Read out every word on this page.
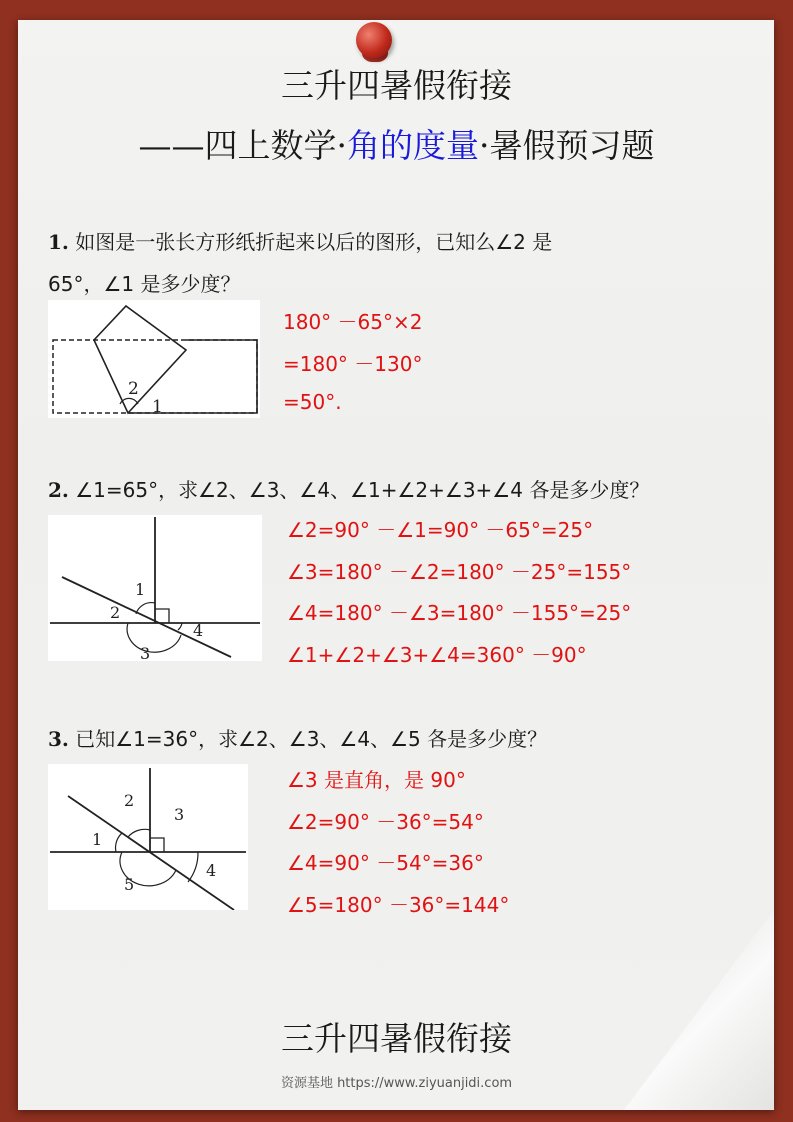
三升四暑假衔接
——四上数学·角的度量·暑假预习题
1. 如图是一张长方形纸折起来以后的图形，已知么∠2 是
65°，∠1 是多少度？
2
1
180° －65°×2
=180° －130°
=50°.
2. ∠1=65°，求∠2、∠3、∠4、∠1+∠2+∠3+∠4 各是多少度？
1
2
3
4
∠2=90° －∠1=90° －65°=25°
∠3=180° －∠2=180° －25°=155°
∠4=180° －∠3=180° －155°=25°
∠1+∠2+∠3+∠4=360° －90°
3. 已知∠1=36°，求∠2、∠3、∠4、∠5 各是多少度？
2
3
1
4
5
∠3 是直角，是 90°
∠2=90° －36°=54°
∠4=90° －54°=36°
∠5=180° －36°=144°
三升四暑假衔接
资源基地 https://www.ziyuanjidi.com
